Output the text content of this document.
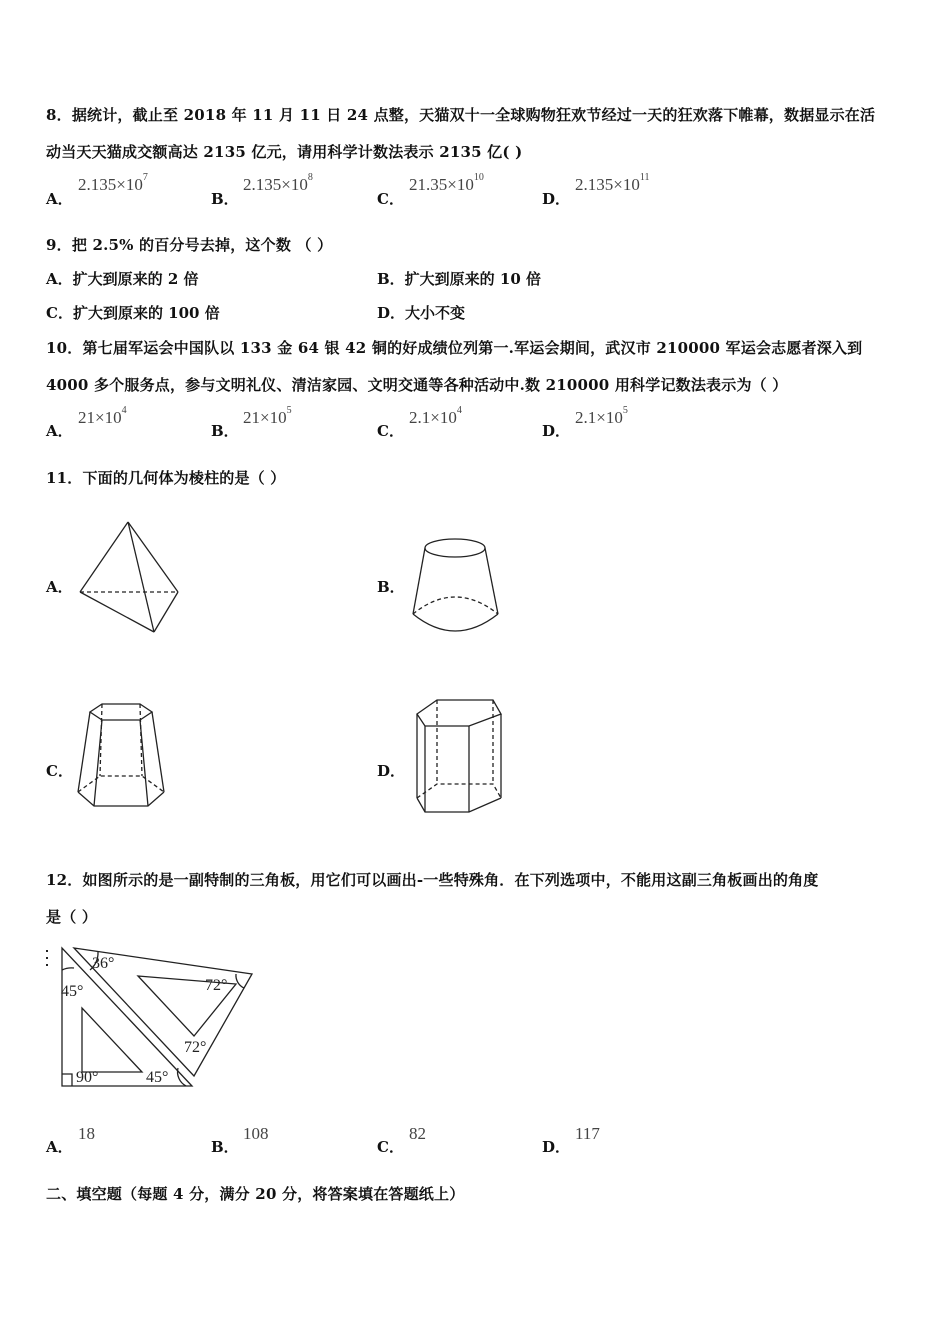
8．据统计，截止至 2018 年 11 月 11 日 24 点整，天猫双十一全球购物狂欢节经过一天的狂欢落下帷幕，数据显示在活
动当天天猫成交额高达 2135 亿元，请用科学计数法表示 2135 亿( )
A．
$2.135\times 10^7$
B．
$2.135\times 10^8$
C．
$21.35\times 10^{10}$
D．
$2.135\times 10^{11}$
9．把 2.5% 的百分号去掉，这个数 （ ）
A．扩大到原来的 2 倍	B．扩大到原来的 10 倍
C．扩大到原来的 100 倍	D．大小不变
10．第七届军运会中国队以 133 金 64 银 42 铜的好成绩位列第一.军运会期间，武汉市 210000 军运会志愿者深入到
4000 多个服务点，参与文明礼仪、清洁家园、文明交通等各种活动中.数 210000 用科学记数法表示为（ ）
A．
$21\times 10^4$
B．
$21\times 10^5$
C．
$2.1\times 10^4$
D．
$2.1\times 10^5$
11．下面的几何体为棱柱的是（ ）
A．	B．
C．	D．
12．如图所示的是一副特制的三角板，用它们可以画出-一些特殊角．在下列选项中，不能用这副三角板画出的角度
是（ ）
36°
72°
45°
72°
90°	45°
A．
18
B．
108
C．
82
D．
117
二、填空题（每题 4 分，满分 20 分，将答案填在答题纸上）
